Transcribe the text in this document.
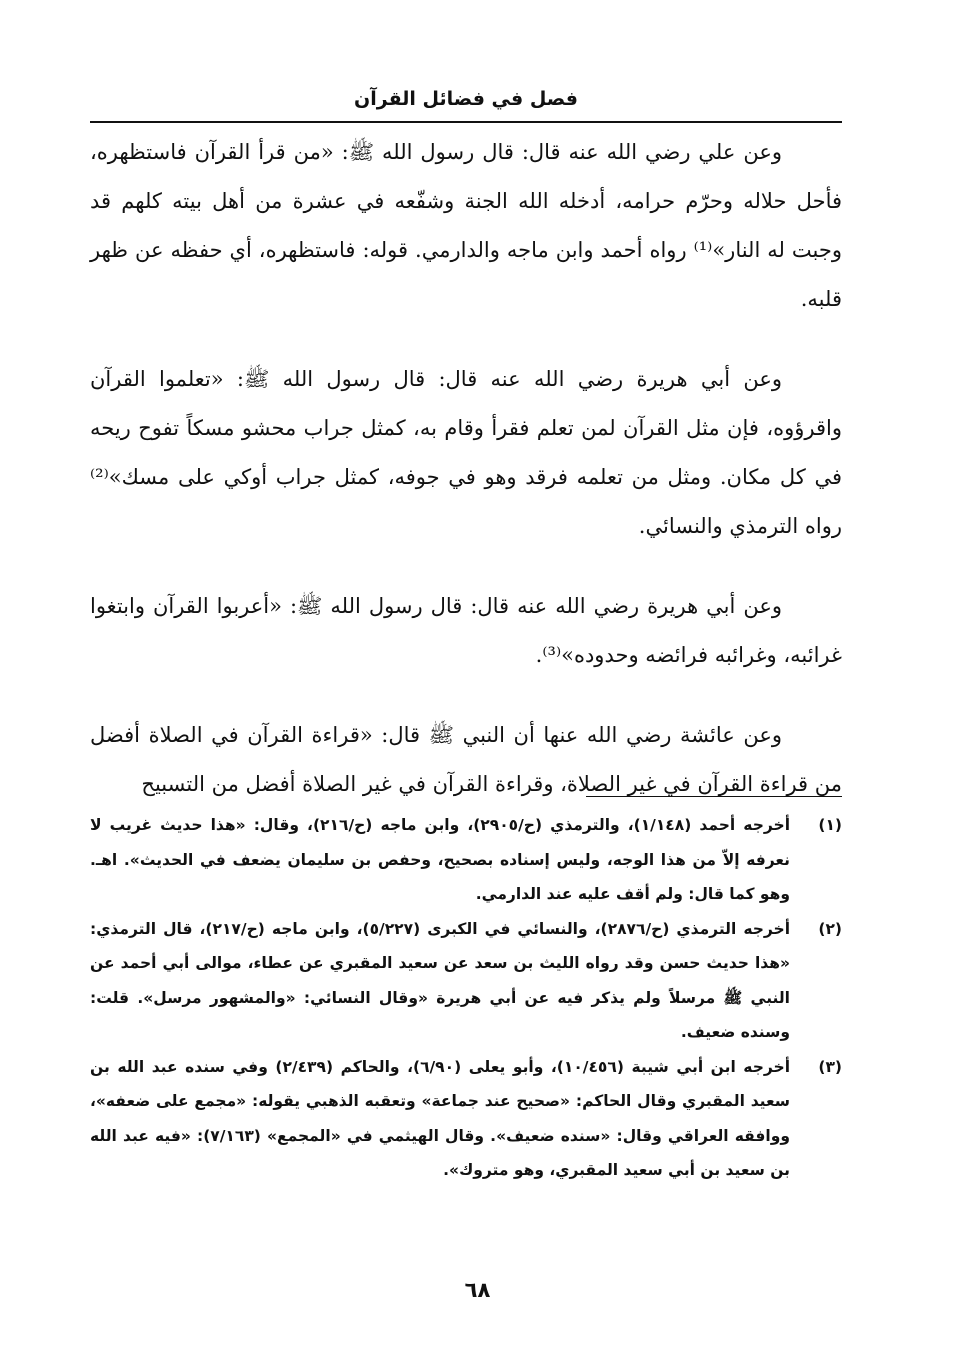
فصل في فضائل القرآن

وعن علي رضي الله عنه قال: قال رسول الله ﷺ: «من قرأ القرآن فاستظهره، فأحل حلاله وحرّم حرامه، أدخله الله الجنة وشفّعه في عشرة من أهل بيته كلهم قد وجبت له النار»⁽¹⁾ رواه أحمد وابن ماجه والدارمي. قوله: فاستظهره، أي حفظه عن ظهر قلبه.

وعن أبي هريرة رضي الله عنه قال: قال رسول الله ﷺ: «تعلموا القرآن واقرؤوه، فإن مثل القرآن لمن تعلم فقرأ وقام به، كمثل جراب محشو مسكاً تفوح ريحه في كل مكان. ومثل من تعلمه فرقد وهو في جوفه، كمثل جراب أوكي على مسك»⁽²⁾ رواه الترمذي والنسائي.

وعن أبي هريرة رضي الله عنه قال: قال رسول الله ﷺ: «أعربوا القرآن وابتغوا غرائبه، وغرائبه فرائضه وحدوده»⁽³⁾.

وعن عائشة رضي الله عنها أن النبي ﷺ قال: «قراءة القرآن في الصلاة أفضل من قراءة القرآن في غير الصلاة، وقراءة القرآن في غير الصلاة أفضل من التسبيح

(١)
أخرجه أحمد (١/١٤٨)، والترمذي (ح/٢٩٠٥)، وابن ماجه (ح/٢١٦)، وقال: «هذا حديث غريب لا نعرفه إلاّ من هذا الوجه، وليس إسناده بصحيح، وحفص بن سليمان يضعف في الحديث». اهـ. وهو كما قال: ولم أقف عليه عند الدارمي.
(٢)
أخرجه الترمذي (ح/٢٨٧٦)، والنسائي في الكبرى (٥/٢٢٧)، وابن ماجه (ح/٢١٧)، قال الترمذي: «هذا حديث حسن وقد رواه الليث بن سعد عن سعيد المقبري عن عطاء، موالى أبي أحمد عن النبي ﷺ مرسلاً ولم يذكر فيه عن أبي هريرة «وقال النسائي: «والمشهور مرسل». قلت: وسنده ضعيف.
(٣)
أخرجه ابن أبي شيبة (١٠/٤٥٦)، وأبو يعلى (٦/٩٠)، والحاكم (٢/٤٣٩) وفي سنده عبد الله بن سعيد المقبري وقال الحاكم: «صحيح عند جماعة» وتعقبه الذهبي يقوله: «مجمع على ضعفه»، ووافقه العراقي وقال: «سنده ضعيف». وقال الهيثمي في «المجمع» (٧/١٦٣): «فيه عبد الله بن سعيد بن أبي سعيد المقبري، وهو متروك».
٦٨
